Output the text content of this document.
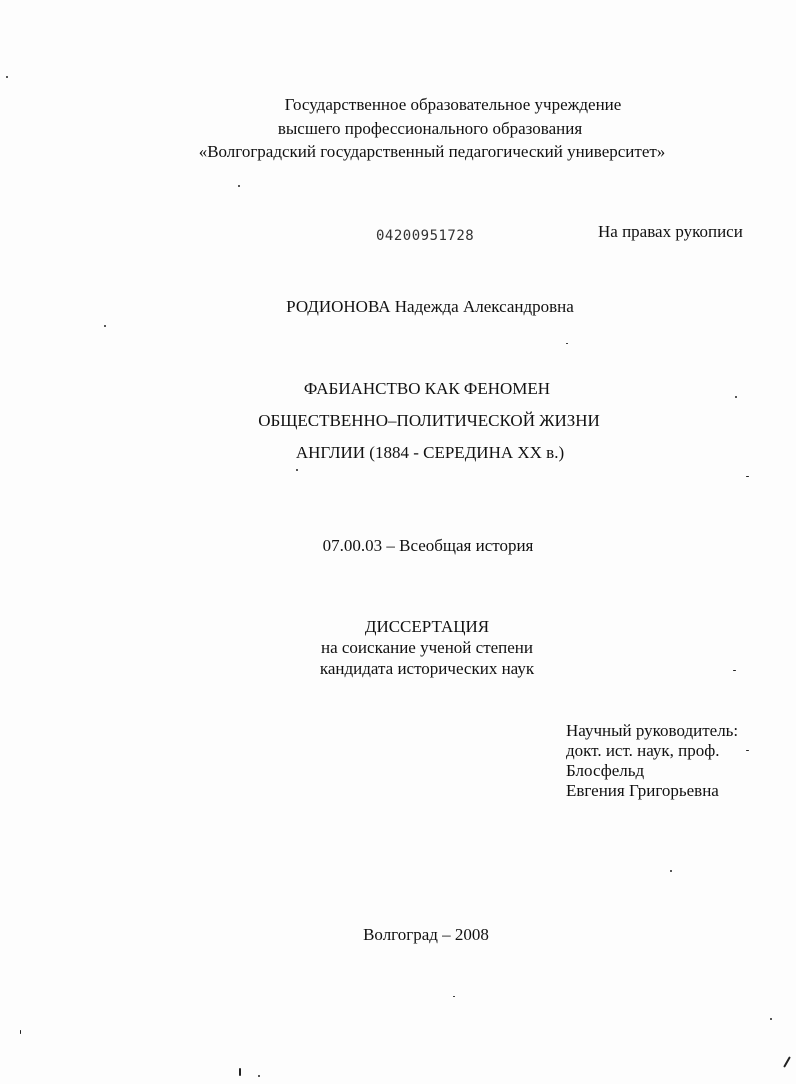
Государственное образовательное учреждение
высшего профессионального образования
«Волгоградский государственный педагогический университет»
04200951728	На правах рукописи
РОДИОНОВА Надежда Александровна
ФАБИАНСТВО КАК ФЕНОМЕН
ОБЩЕСТВЕННО–ПОЛИТИЧЕСКОЙ ЖИЗНИ
АНГЛИИ (1884 - СЕРЕДИНА XX в.)
07.00.03 – Всеобщая история
ДИССЕРТАЦИЯ
на соискание ученой степени
кандидата исторических наук
Научный руководитель:
докт. ист. наук, проф.
Блосфельд
Евгения Григорьевна
Волгоград – 2008
